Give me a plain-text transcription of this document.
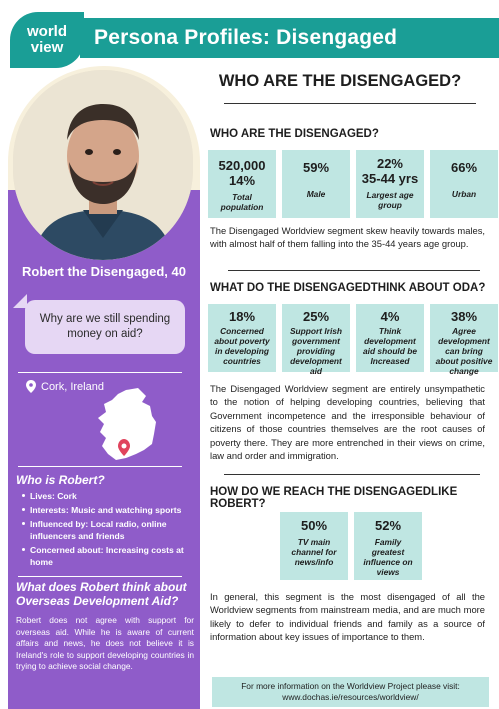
world
view Persona Profiles: Disengaged
Robert the Disengaged, 40
Why are we still spending money on aid?
Cork, Ireland
Who is Robert?
Lives: Cork
Interests: Music and watching sports
Influenced by: Local radio, online influencers and friends
Concerned about: Increasing costs at home
What does Robert think about Overseas Development Aid?
Robert does not agree with support for overseas aid. While he is aware of current affairs and news, he does not believe it is Ireland's role to support developing countries in trying to achieve social change.
WHO ARE THE DISENGAGED?
WHO ARE THE DISENGAGED?
520,000
14%
Total population
59%
Male
22%
35-44 yrs
Largest age group
66%
Urban
The Disengaged Worldview segment skew heavily towards males, with almost half of them falling into the 35-44 years age group.
WHAT DO THE DISENGAGEDTHINK ABOUT ODA?
18%
Concerned about poverty in developing countries
25%
Support Irish government providing development aid
4%
Think development aid should be Increased
38%
Agree development can bring about positive change
The Disengaged Worldview segment are entirely unsympathetic to the notion of helping developing countries, believing that Government incompetence and the irresponsible behaviour of citizens of those countries themselves are the root causes of poverty there. They are more entrenched in their views on crime, law and order and immigration.
HOW DO WE REACH THE DISENGAGEDLIKE ROBERT?
50%
TV main channel for news/info
52%
Family greatest influence on views
In general, this segment is the most disengaged of all the Worldview segments from mainstream media, and are much more likely to defer to individual friends and family as a source of information about key issues of importance to them.
For more information on the Worldview Project please visit:
www.dochas.ie/resources/worldview/
